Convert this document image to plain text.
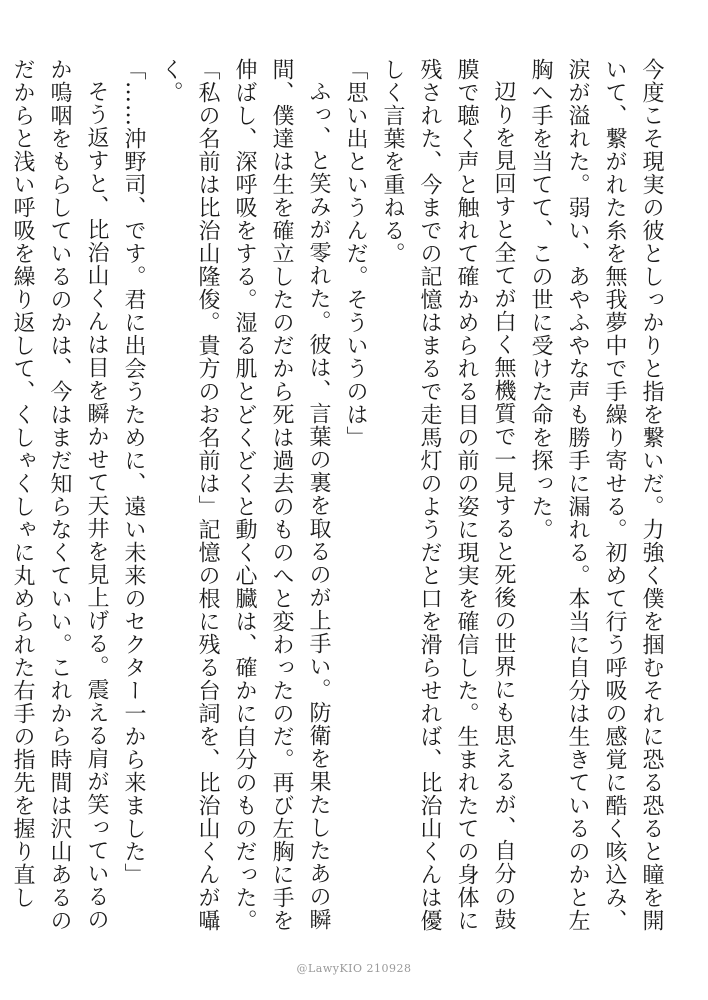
今度こそ現実の彼としっかりと指を繋いだ。力強く僕を掴むそれに恐る恐ると瞳を開いて、繋がれた糸を無我夢中で手繰り寄せる。初めて行う呼吸の感覚に酷く咳込み、涙が溢れた。弱い、あやふやな声も勝手に漏れる。本当に自分は生きているのかと左胸へ手を当てて、この世に受けた命を探った。

辺りを見回すと全てが白く無機質で一見すると死後の世界にも思えるが、自分の鼓膜で聴く声と触れて確かめられる目の前の姿に現実を確信した。生まれたての身体に残された、今までの記憶はまるで走馬灯のようだと口を滑らせれば、比治山くんは優しく言葉を重ねる。

「思い出というんだ。そういうのは」

ふっ、と笑みが零れた。彼は、言葉の裏を取るのが上手い。防衛を果たしたあの瞬間、僕達は生を確立したのだから死は過去のものへと変わったのだ。再び左胸に手を伸ばし、深呼吸をする。湿る肌とどくどくと動く心臓は、確かに自分のものだった。

「私の名前は比治山隆俊。貴方のお名前は」記憶の根に残る台詞を、比治山くんが囁く。

「……沖野司、です。君に出会うために、遠い未来のセクター一から来ました」

そう返すと、比治山くんは目を瞬かせて天井を見上げる。震える肩が笑っているのか嗚咽をもらしているのかは、今はまだ知らなくていい。これから時間は沢山あるのだからと浅い呼吸を繰り返して、くしゃくしゃに丸められた右手の指先を握り直し

@LawyKIO 210928
